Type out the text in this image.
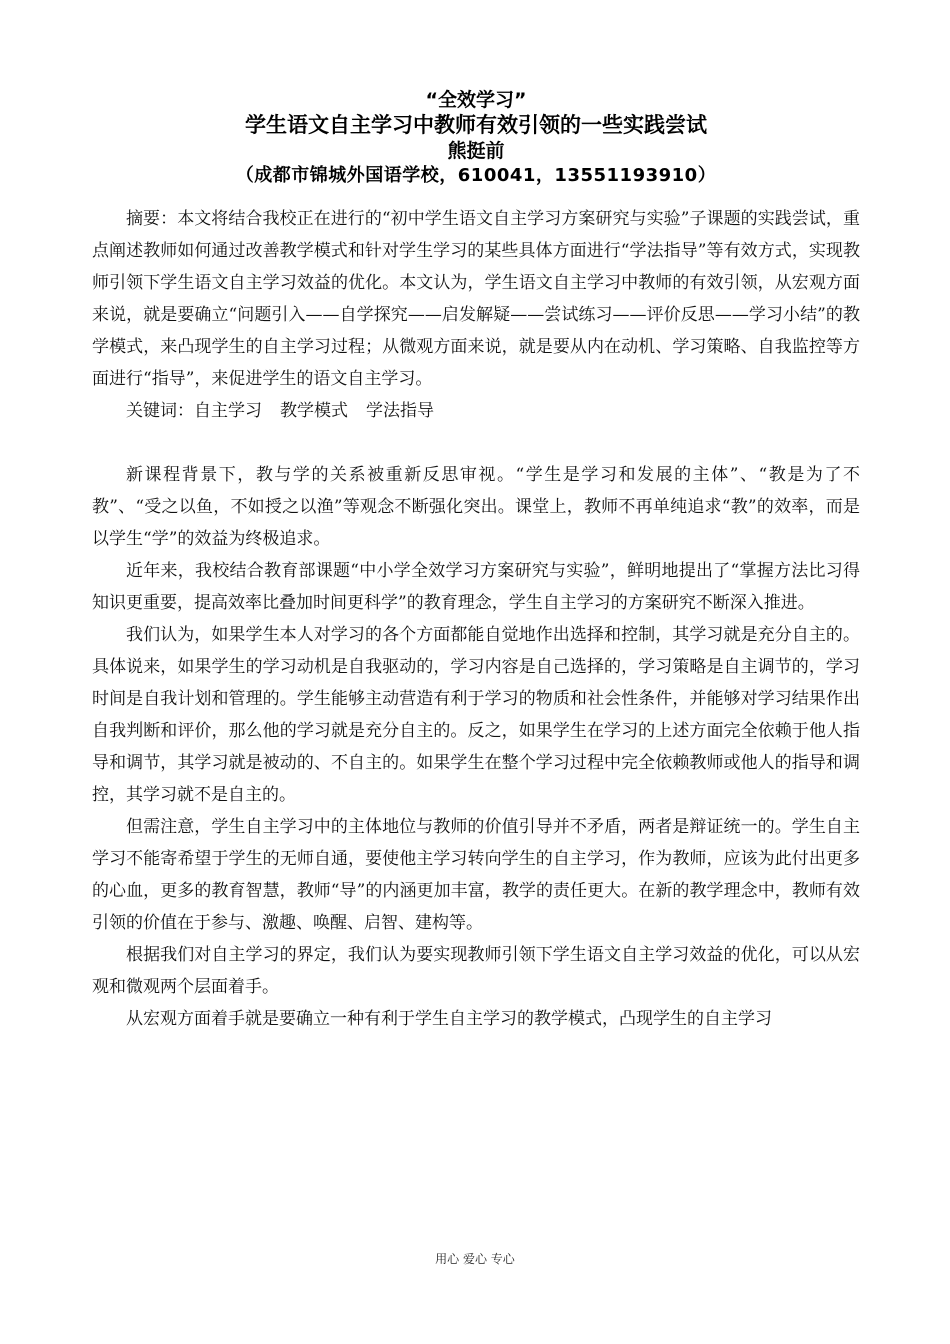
“全效学习”
学生语文自主学习中教师有效引领的一些实践尝试
熊挺前
（成都市锦城外国语学校，610041，13551193910）

摘要：本文将结合我校正在进行的“初中学生语文自主学习方案研究与实验”子课题的实践尝试，重点阐述教师如何通过改善教学模式和针对学生学习的某些具体方面进行“学法指导”等有效方式，实现教师引领下学生语文自主学习效益的优化。本文认为，学生语文自主学习中教师的有效引领，从宏观方面来说，就是要确立“问题引入——自学探究——启发解疑——尝试练习——评价反思——学习小结”的教学模式，来凸现学生的自主学习过程；从微观方面来说，就是要从内在动机、学习策略、自我监控等方面进行“指导”，来促进学生的语文自主学习。

关键词：自主学习 教学模式 学法指导

新课程背景下，教与学的关系被重新反思审视。“学生是学习和发展的主体”、“教是为了不教”、“受之以鱼，不如授之以渔”等观念不断强化突出。课堂上，教师不再单纯追求“教”的效率，而是以学生“学”的效益为终极追求。

近年来，我校结合教育部课题“中小学全效学习方案研究与实验”，鲜明地提出了“掌握方法比习得知识更重要，提高效率比叠加时间更科学”的教育理念，学生自主学习的方案研究不断深入推进。

我们认为，如果学生本人对学习的各个方面都能自觉地作出选择和控制，其学习就是充分自主的。具体说来，如果学生的学习动机是自我驱动的，学习内容是自己选择的，学习策略是自主调节的，学习时间是自我计划和管理的。学生能够主动营造有利于学习的物质和社会性条件，并能够对学习结果作出自我判断和评价，那么他的学习就是充分自主的。反之，如果学生在学习的上述方面完全依赖于他人指导和调节，其学习就是被动的、不自主的。如果学生在整个学习过程中完全依赖教师或他人的指导和调控，其学习就不是自主的。

但需注意，学生自主学习中的主体地位与教师的价值引导并不矛盾，两者是辩证统一的。学生自主学习不能寄希望于学生的无师自通，要使他主学习转向学生的自主学习，作为教师，应该为此付出更多的心血，更多的教育智慧，教师“导”的内涵更加丰富，教学的责任更大。在新的教学理念中，教师有效引领的价值在于参与、激趣、唤醒、启智、建构等。

根据我们对自主学习的界定，我们认为要实现教师引领下学生语文自主学习效益的优化，可以从宏观和微观两个层面着手。

从宏观方面着手就是要确立一种有利于学生自主学习的教学模式，凸现学生的自主学习

用心 爱心 专心
